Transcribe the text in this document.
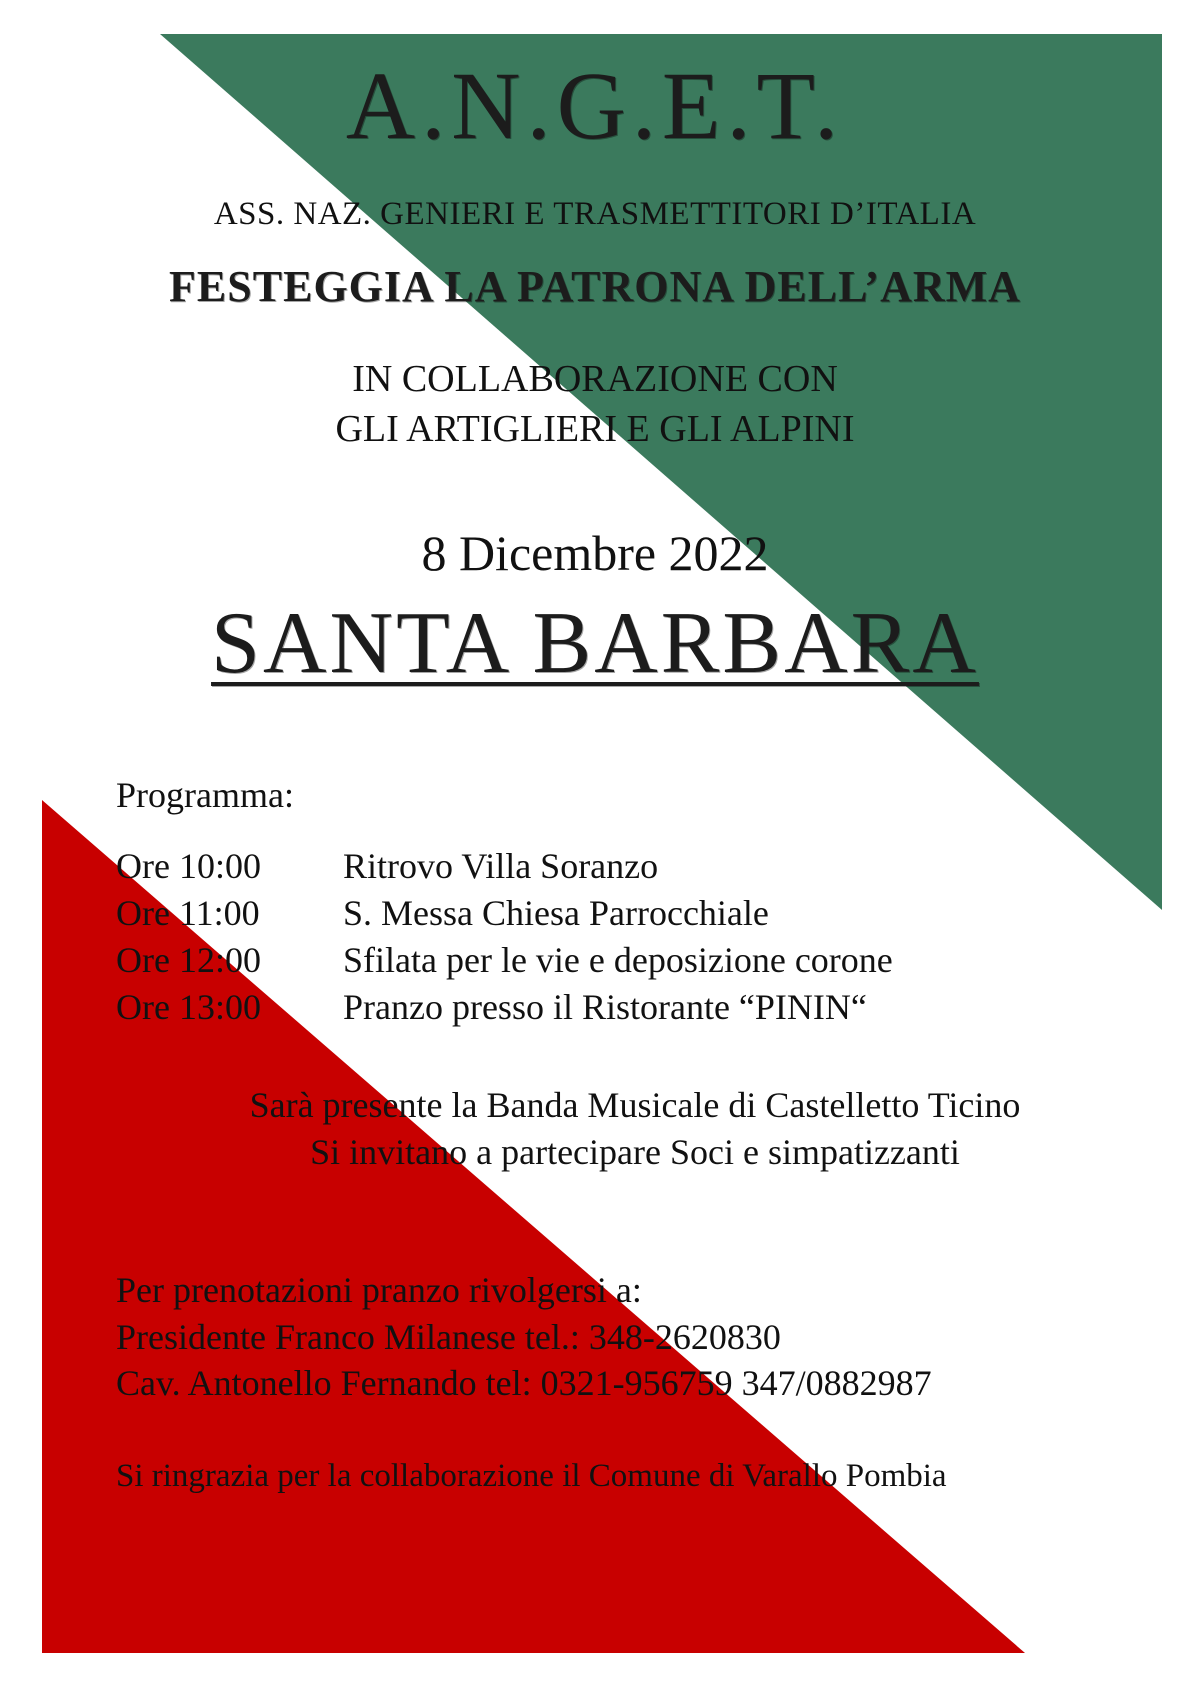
A.N.G.E.T.
ASS. NAZ. GENIERI E TRASMETTITORI D’ITALIA
FESTEGGIA LA PATRONA DELL’ARMA
IN COLLABORAZIONE CON
GLI ARTIGLIERI E GLI ALPINI
8 Dicembre 2022
SANTA BARBARA
Programma:
Ore 10:00 Ritrovo Villa Soranzo
Ore 11:00 S. Messa Chiesa Parrocchiale
Ore 12:00 Sfilata per le vie e deposizione corone
Ore 13:00 Pranzo presso il Ristorante “PININ“
Sarà presente la Banda Musicale di Castelletto Ticino
Si invitano a partecipare Soci e simpatizzanti
Per prenotazioni pranzo rivolgersi a:
Presidente Franco Milanese tel.: 348-2620830
Cav. Antonello Fernando tel: 0321-956759 347/0882987
Si ringrazia per la collaborazione il Comune di Varallo Pombia
